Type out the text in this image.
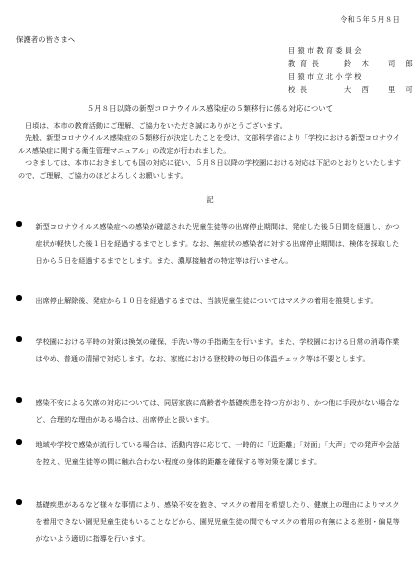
令和５年５月８日
保護者の皆さまへ
目 猿 市 教 育 委 員 会
教 育 長	鈴　木　　司　郎
目 猿 市 立 北 小 学 校
校 長	大　西　　里　可
５月８日以降の新型コロナウイルス感染症の５類移行に係る対応について

日頃は、本市の教育活動にご理解、ご協力をいただき誠にありがとうございます。

先般、新型コロナウイルス感染症の５類移行が決定したことを受け、文部科学省により「学校における新型コロナウイルス感染症に関する衛生管理マニュアル」の改定が行われました。

つきましては、本市におきましても国の対応に従い、５月８日以降の学校園における対応は下記のとおりといたしますので、ご理解、ご協力のほどよろしくお願いします。

記
新型コロナウイルス感染症への感染が確認された児童生徒等の出席停止期間は、発症した後５日間を経過し、かつ症状が軽快した後１日を経過するまでとします。なお、無症状の感染者に対する出席停止期間は、検体を採取した日から５日を経過するまでとします。また、濃厚接触者の特定等は行いません。
出席停止解除後、発症から１０日を経過するまでは、当該児童生徒についてはマスクの着用を推奨します。
学校園における平時の対策は換気の確保、手洗い等の手指衛生を行います。また、学校園における日常の消毒作業はやめ、普通の清掃で対応します。なお、家庭における登校時の毎日の体温チェック等は不要とします。
感染不安による欠席の対応については、同居家族に高齢者や基礎疾患を持つ方がおり、かつ他に手段がない場合など、合理的な理由がある場合は、出席停止と扱います。
地域や学校で感染が流行している場合は、活動内容に応じて、一時的に「近距離」「対面」「大声」での発声や会話を控え、児童生徒等の間に触れ合わない程度の身体的距離を確保する等対策を講じます。
基礎疾患があるなど様々な事情により、感染不安を抱き、マスクの着用を希望したり、健康上の理由によりマスクを着用できない園児児童生徒もいることなどから、園児児童生徒の間でもマスクの着用の有無による差別・偏見等がないよう適切に指導を行います。
